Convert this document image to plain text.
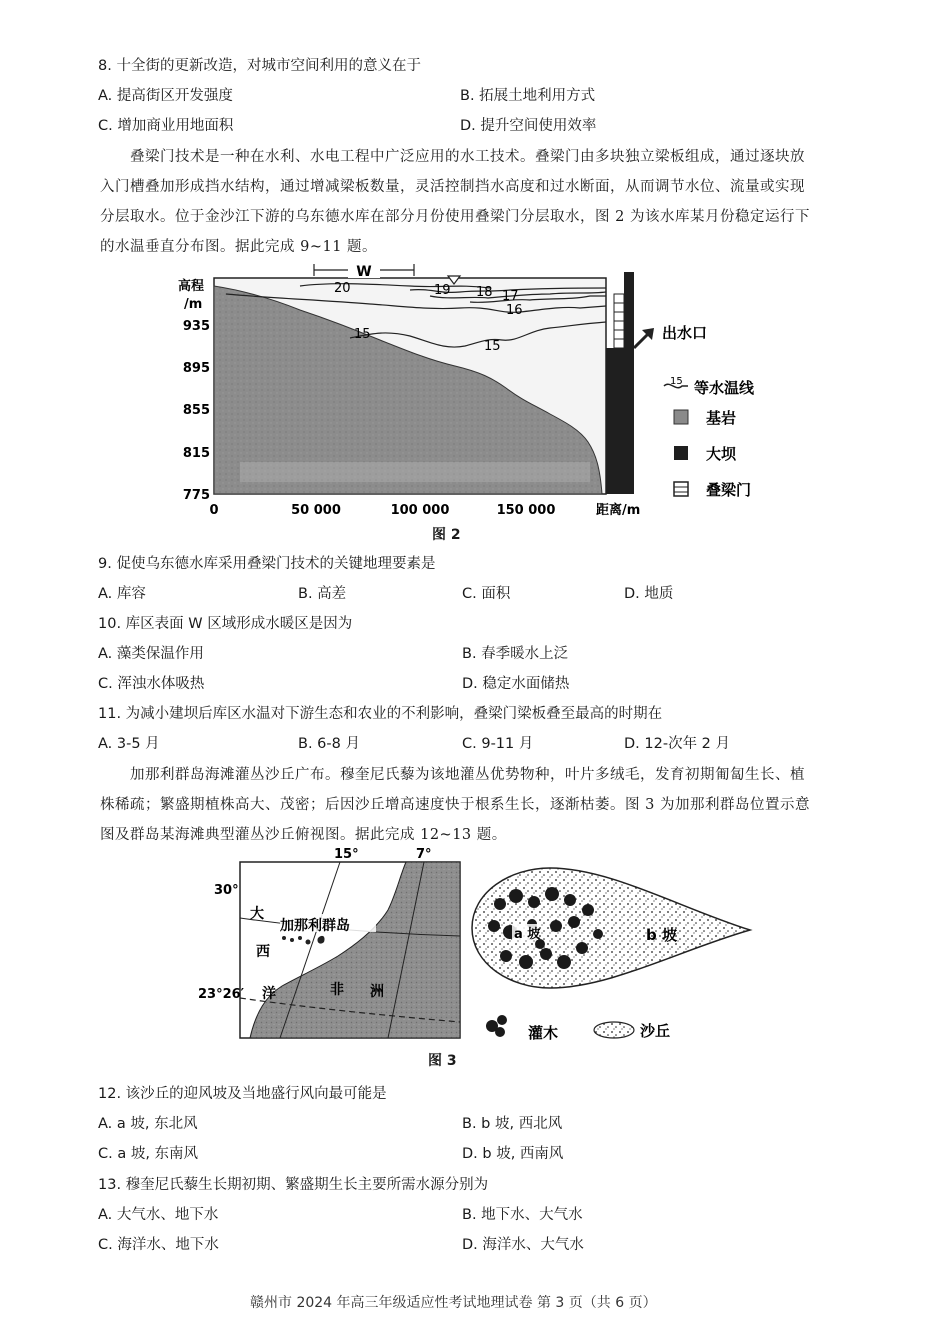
8. 十全街的更新改造，对城市空间利用的意义在于
A. 提高街区开发强度	B. 拓展土地利用方式
C. 增加商业用地面积	D. 提升空间使用效率
叠梁门技术是一种在水利、水电工程中广泛应用的水工技术。叠梁门由多块独立梁板组成，通过逐块放
入门槽叠加形成挡水结构，通过增减梁板数量，灵活控制挡水高度和过水断面，从而调节水位、流量或实现
分层取水。位于金沙江下游的乌东德水库在部分月份使用叠梁门分层取水，图 2 为该水库某月份稳定运行下
的水温垂直分布图。据此完成 9~11 题。
W
20	19 18 17
16
15
15
出水口
高程
/m
935
895
855
815
775
0	50 000	100 000	150 000	距离/m
15 等水温线
基岩
大坝
叠梁门
图 2
9. 促使乌东德水库采用叠梁门技术的关键地理要素是
A. 库容	B. 高差	C. 面积	D. 地质
10. 库区表面 W 区域形成水暖区是因为
A. 藻类保温作用	B. 春季暖水上泛
C. 浑浊水体吸热	D. 稳定水面储热
11. 为减小建坝后库区水温对下游生态和农业的不利影响，叠梁门梁板叠至最高的时期在
A. 3-5 月	B. 6-8 月	C. 9-11 月	D. 12-次年 2 月
加那利群岛海滩灌丛沙丘广布。穆奎尼氏藜为该地灌丛优势物种，叶片多绒毛，发育初期匍匐生长、植
株稀疏；繁盛期植株高大、茂密；后因沙丘增高速度快于根系生长，逐渐枯萎。图 3 为加那利群岛位置示意
图及群岛某海滩典型灌丛沙丘俯视图。据此完成 12~13 题。
15°	7°
30°
23°26′
加那利群岛
大
西
洋	非 洲
a 坡	b 坡
灌木	沙丘
图 3
12. 该沙丘的迎风坡及当地盛行风向最可能是
A. a 坡, 东北风	B. b 坡, 西北风
C. a 坡, 东南风	D. b 坡, 西南风
13. 穆奎尼氏藜生长期初期、繁盛期生长主要所需水源分别为
A. 大气水、地下水	B. 地下水、大气水
C. 海洋水、地下水	D. 海洋水、大气水
赣州市 2024 年高三年级适应性考试地理试卷 第 3 页（共 6 页）
